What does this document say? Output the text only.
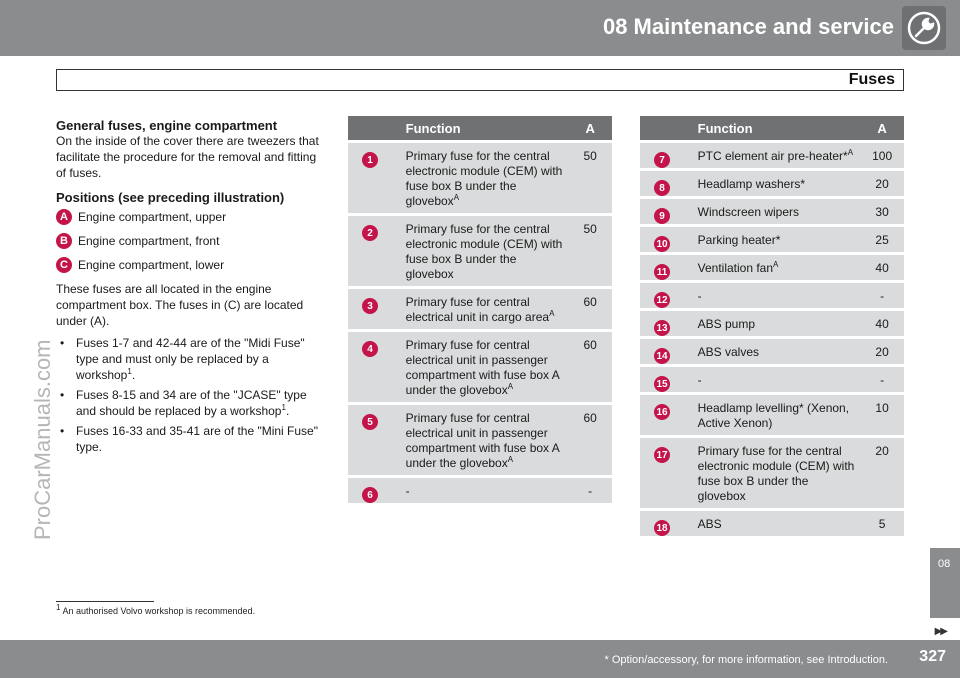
08 Maintenance and service
Fuses
ProCarManuals.com
General fuses, engine compartment

On the inside of the cover there are tweezers that facilitate the procedure for the removal and fitting of fuses.

Positions (see preceding illustration)
A Engine compartment, upper
B Engine compartment, front
C Engine compartment, lower

These fuses are all located in the engine compartment box. The fuses in (C) are located under (A).

• Fuses 1-7 and 42-44 are of the "Midi Fuse" type and must only be replaced by a workshop$^1$.
• Fuses 8-15 and 34 are of the "JCASE" type and should be replaced by a workshop$^1$.
• Fuses 16-33 and 35-41 are of the "Mini Fuse" type.
	Function	A

1	Primary fuse for the central electronic module (CEM) with fuse box B under the glovebox$^A$	50

2	Primary fuse for the central electronic module (CEM) with fuse box B under the glovebox	50

3	Primary fuse for central electrical unit in cargo area$^A$	60

4	Primary fuse for central electrical unit in passenger compartment with fuse box A under the glovebox$^A$	60

5	Primary fuse for central electrical unit in passenger compartment with fuse box A under the glovebox$^A$	60

6	-	-
	Function	A

7	PTC element air pre-heater*$^A$	100

8	Headlamp washers*	20

9	Windscreen wipers	30

10	Parking heater*	25

11	Ventilation fan$^A$	40

12	-	-

13	ABS pump	40

14	ABS valves	20

15	-	-

16	Headlamp levelling* (Xenon, Active Xenon)	10

17	Primary fuse for the central electronic module (CEM) with fuse box B under the glovebox	20

18	ABS	5
08
▶▶
$^1$ An authorised Volvo workshop is recommended.
* Option/accessory, for more information, see Introduction. 327
